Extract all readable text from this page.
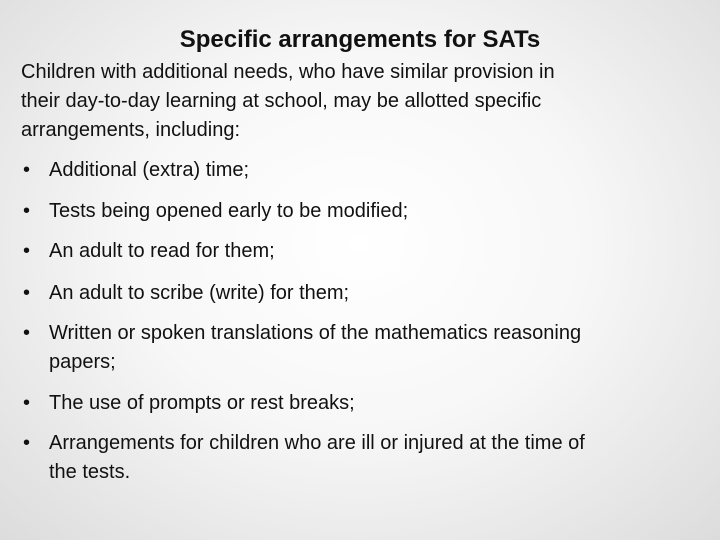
Specific arrangements for SATs

Children with additional needs, who have similar provision in
their day-to-day learning at school, may be allotted specific
arrangements, including:

• Additional (extra) time;
• Tests being opened early to be modified;
• An adult to read for them;
• An adult to scribe (write) for them;
• Written or spoken translations of the mathematics reasoning
papers;
• The use of prompts or rest breaks;
• Arrangements for children who are ill or injured at the time of
the tests.
